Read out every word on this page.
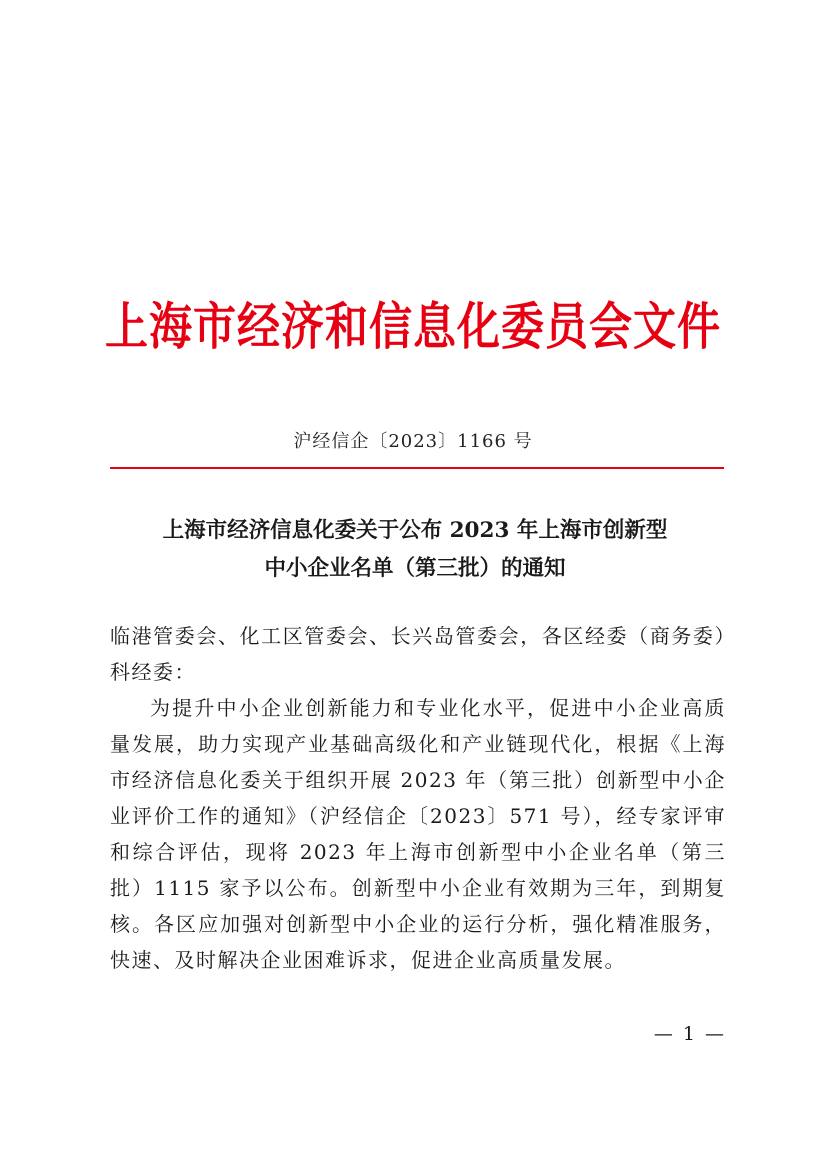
上海市经济和信息化委员会文件
沪经信企〔2023〕1166 号
上海市经济信息化委关于公布 2023 年上海市创新型
中小企业名单（第三批）的通知

临港管委会、化工区管委会、长兴岛管委会，各区经委（商务委）科经委：

为提升中小企业创新能力和专业化水平，促进中小企业高质量发展，助力实现产业基础高级化和产业链现代化，根据《上海市经济信息化委关于组织开展 2023 年（第三批）创新型中小企业评价工作的通知》（沪经信企〔2023〕571 号），经专家评审和综合评估，现将 2023 年上海市创新型中小企业名单（第三批）1115 家予以公布。创新型中小企业有效期为三年，到期复核。各区应加强对创新型中小企业的运行分析，强化精准服务，快速、及时解决企业困难诉求，促进企业高质量发展。

— 1 —
